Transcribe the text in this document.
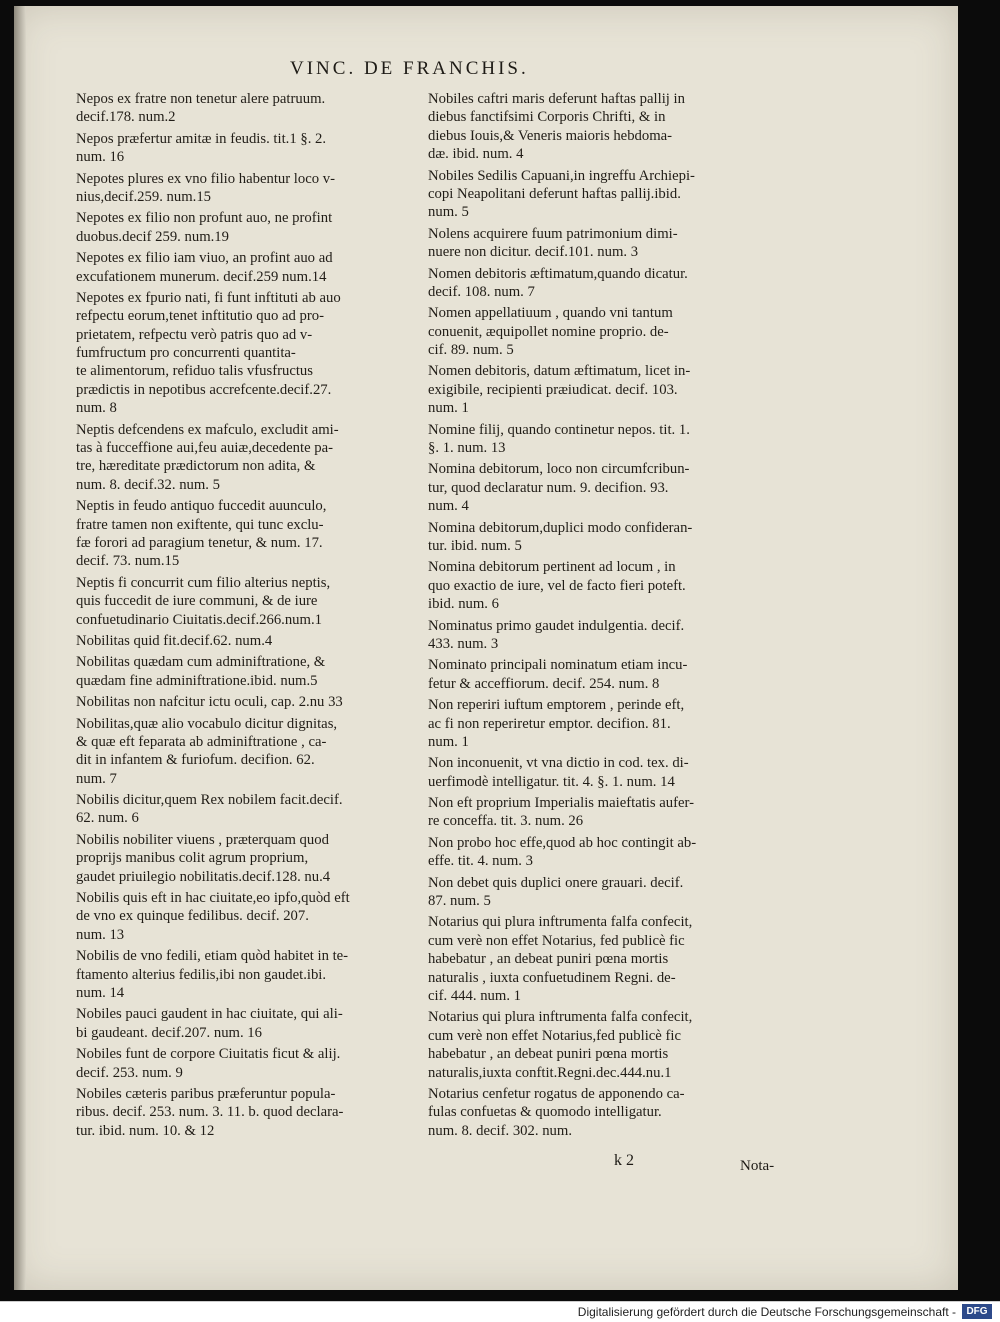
VINC. DE FRANCHIS.
Nepos ex fratre non tenetur alere patruum.
decif.178. num.2
Nepos præfertur amitæ in feudis. tit.1 §. 2.
num. 16
Nepotes plures ex vno filio habentur loco v-
nius,decif.259. num.15
Nepotes ex filio non profunt auo, ne profint
duobus.decif 259. num.19
Nepotes ex filio iam viuo, an profint auo ad
excufationem munerum. decif.259 num.14
Nepotes ex fpurio nati, fi funt inftituti ab auo
refpectu eorum,tenet inftitutio quo ad pro-
prietatem, refpectu verò patris quo ad v-
fumfructum pro concurrenti quantita-
te alimentorum, refiduo talis vfusfructus
prædictis in nepotibus accrefcente.decif.27.
num. 8
Neptis defcendens ex mafculo, excludit ami-
tas à fucceffione aui,feu auiæ,decedente pa-
tre, hæreditate prædictorum non adita, &
num. 8. decif.32. num. 5
Neptis in feudo antiquo fuccedit auunculo,
fratre tamen non exiftente, qui tunc exclu-
fæ forori ad paragium tenetur, & num. 17.
decif. 73. num.15
Neptis fi concurrit cum filio alterius neptis,
quis fuccedit de iure communi, & de iure
confuetudinario Ciuitatis.decif.266.num.1
Nobilitas quid fit.decif.62. num.4
Nobilitas quædam cum adminiftratione, &
quædam fine adminiftratione.ibid. num.5
Nobilitas non nafcitur ictu oculi, cap. 2.nu 33
Nobilitas,quæ alio vocabulo dicitur dignitas,
& quæ eft feparata ab adminiftratione , ca-
dit in infantem & furiofum. decifion. 62.
num. 7
Nobilis dicitur,quem Rex nobilem facit.decif.
62. num. 6
Nobilis nobiliter viuens , præterquam quod
proprijs manibus colit agrum proprium,
gaudet priuilegio nobilitatis.decif.128. nu.4
Nobilis quis eft in hac ciuitate,eo ipfo,quòd eft
de vno ex quinque fedilibus. decif. 207.
num. 13
Nobilis de vno fedili, etiam quòd habitet in te-
ftamento alterius fedilis,ibi non gaudet.ibi.
num. 14
Nobiles pauci gaudent in hac ciuitate, qui ali-
bi gaudeant. decif.207. num. 16
Nobiles funt de corpore Ciuitatis ficut & alij.
decif. 253. num. 9
Nobiles cæteris paribus præferuntur popula-
ribus. decif. 253. num. 3. 11. b. quod declara-
tur. ibid. num. 10. & 12
Nobiles caftri maris deferunt haftas pallij in
diebus fanctifsimi Corporis Chrifti, & in
diebus Iouis,& Veneris maioris hebdoma-
dæ. ibid. num. 4
Nobiles Sedilis Capuani,in ingreffu Archiepi-
copi Neapolitani deferunt haftas pallij.ibid.
num. 5
Nolens acquirere fuum patrimonium dimi-
nuere non dicitur. decif.101. num. 3
Nomen debitoris æftimatum,quando dicatur.
decif. 108. num. 7
Nomen appellatiuum , quando vni tantum
conuenit, æquipollet nomine proprio. de-
cif. 89. num. 5
Nomen debitoris, datum æftimatum, licet in-
exigibile, recipienti præiudicat. decif. 103.
num. 1
Nomine filij, quando continetur nepos. tit. 1.
§. 1. num. 13
Nomina debitorum, loco non circumfcribun-
tur, quod declaratur num. 9. decifion. 93.
num. 4
Nomina debitorum,duplici modo confideran-
tur. ibid. num. 5
Nomina debitorum pertinent ad locum , in
quo exactio de iure, vel de facto fieri poteft.
ibid. num. 6
Nominatus primo gaudet indulgentia. decif.
433. num. 3
Nominato principali nominatum etiam incu-
fetur & acceffiorum. decif. 254. num. 8
Non reperiri iuftum emptorem , perinde eft,
ac fi non reperiretur emptor. decifion. 81.
num. 1
Non inconuenit, vt vna dictio in cod. tex. di-
uerfimodè intelligatur. tit. 4. §. 1. num. 14
Non eft proprium Imperialis maieftatis aufer-
re conceffa. tit. 3. num. 26
Non probo hoc effe,quod ab hoc contingit ab-
effe. tit. 4. num. 3
Non debet quis duplici onere grauari. decif.
87. num. 5
Notarius qui plura inftrumenta falfa confecit,
cum verè non effet Notarius, fed publicè fic
habebatur , an debeat puniri pœna mortis
naturalis , iuxta confuetudinem Regni. de-
cif. 444. num. 1
Notarius qui plura inftrumenta falfa confecit,
cum verè non effet Notarius,fed publicè fic
habebatur , an debeat puniri pœna mortis
naturalis,iuxta conftit.Regni.dec.444.nu.1
Notarius cenfetur rogatus de apponendo ca-
fulas confuetas & quomodo intelligatur.
num. 8. decif. 302. num.
k 2	Nota-
Digitalisierung gefördert durch die Deutsche Forschungsgemeinschaft -	DFG
